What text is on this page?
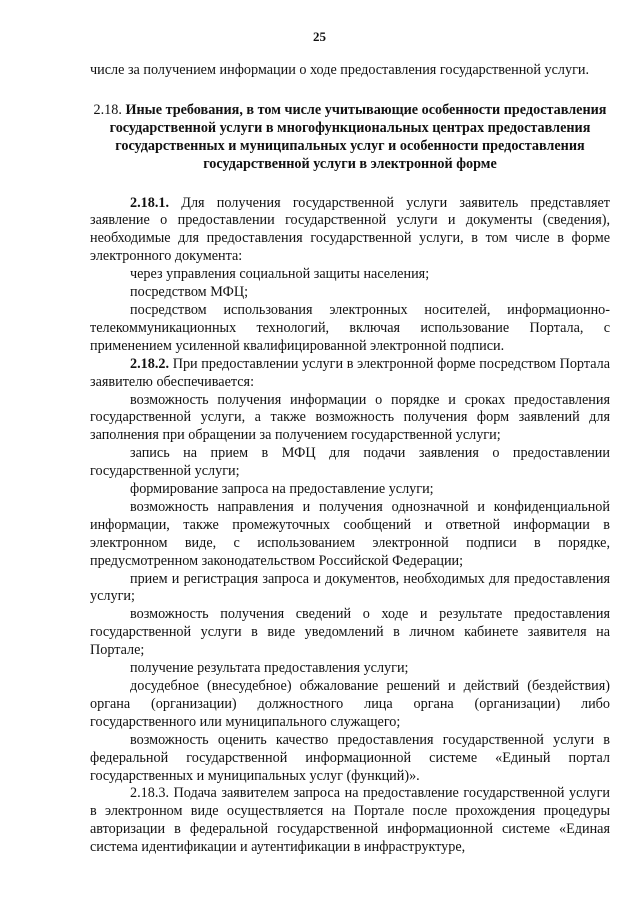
25

числе за получением информации о ходе предоставления государственной услуги.

2.18. Иные требования, в том числе учитывающие особенности предоставления государственной услуги в многофункциональных центрах предоставления государственных и муниципальных услуг и особенности предоставления государственной услуги в электронной форме

2.18.1. Для получения государственной услуги заявитель представляет заявление о предоставлении государственной услуги и документы (сведения), необходимые для предоставления государственной услуги, в том числе в форме электронного документа:

через управления социальной защиты населения;

посредством МФЦ;

посредством использования электронных носителей, информационно-телекоммуникационных технологий, включая использование Портала, с применением усиленной квалифицированной электронной подписи.

2.18.2. При предоставлении услуги в электронной форме посредством Портала заявителю обеспечивается:

возможность получения информации о порядке и сроках предоставления государственной услуги, а также возможность получения форм заявлений для заполнения при обращении за получением государственной услуги;

запись на прием в МФЦ для подачи заявления о предоставлении государственной услуги;

формирование запроса на предоставление услуги;

возможность направления и получения однозначной и конфиденциальной информации, также промежуточных сообщений и ответной информации в электронном виде, с использованием электронной подписи в порядке, предусмотренном законодательством Российской Федерации;

прием и регистрация запроса и документов, необходимых для предоставления услуги;

возможность получения сведений о ходе и результате предоставления государственной услуги в виде уведомлений в личном кабинете заявителя на Портале;

получение результата предоставления услуги;

досудебное (внесудебное) обжалование решений и действий (бездействия) органа (организации) должностного лица органа (организации) либо государственного или муниципального служащего;

возможность оценить качество предоставления государственной услуги в федеральной государственной информационной системе «Единый портал государственных и муниципальных услуг (функций)».

2.18.3. Подача заявителем запроса на предоставление государственной услуги в электронном виде осуществляется на Портале после прохождения процедуры авторизации в федеральной государственной информационной системе «Единая система идентификации и аутентификации в инфраструктуре,
